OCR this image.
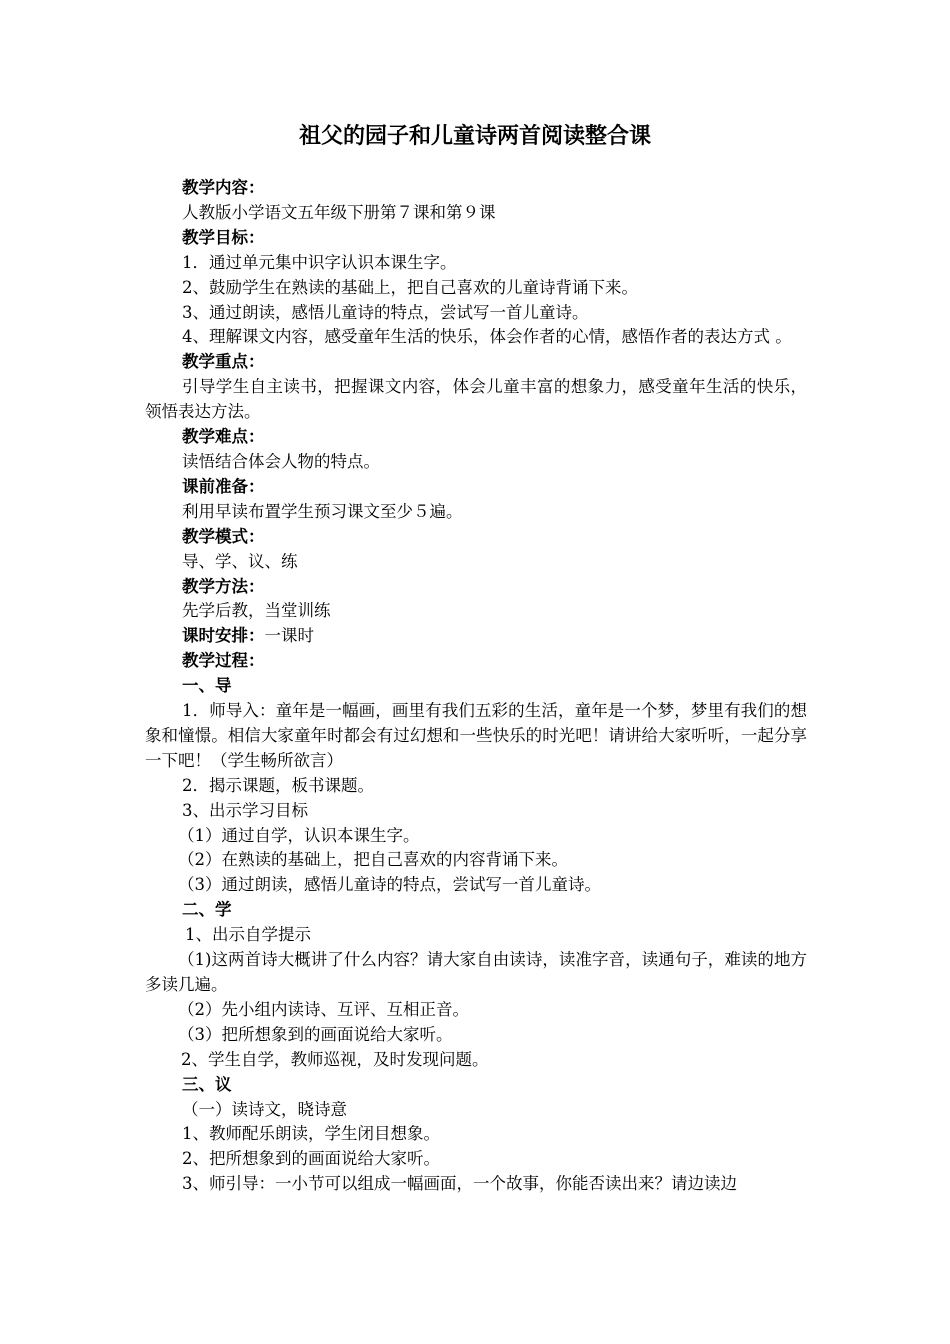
祖父的园子和儿童诗两首阅读整合课

教学内容：

人教版小学语文五年级下册第７课和第９课

教学目标：

1．通过单元集中识字认识本课生字。

2、鼓励学生在熟读的基础上，把自己喜欢的儿童诗背诵下来。

3、通过朗读，感悟儿童诗的特点，尝试写一首儿童诗。

4、理解课文内容，感受童年生活的快乐，体会作者的心情，感悟作者的表达方式 。

教学重点：

引导学生自主读书，把握课文内容，体会儿童丰富的想象力，感受童年生活的快乐，领悟表达方法。

教学难点：

读悟结合体会人物的特点。

课前准备：

利用早读布置学生预习课文至少５遍。

教学模式：

导、学、议、练

教学方法：

先学后教，当堂训练

课时安排：一课时

教学过程：

一、导

1．师导入：童年是一幅画，画里有我们五彩的生活，童年是一个梦，梦里有我们的想象和憧憬。相信大家童年时都会有过幻想和一些快乐的时光吧！请讲给大家听听，一起分享一下吧！（学生畅所欲言）

2．揭示课题，板书课题。

3、出示学习目标

（1）通过自学，认识本课生字。

（2）在熟读的基础上，把自己喜欢的内容背诵下来。

（3）通过朗读，感悟儿童诗的特点，尝试写一首儿童诗。

二、学

1、出示自学提示

（1)这两首诗大概讲了什么内容？请大家自由读诗，读准字音，读通句子，难读的地方多读几遍。

（2）先小组内读诗、互评、互相正音。

（3）把所想象到的画面说给大家听。

2、学生自学，教师巡视，及时发现问题。

三、议

（一）读诗文，晓诗意

1、教师配乐朗读，学生闭目想象。

2、把所想象到的画面说给大家听。

3、师引导：一小节可以组成一幅画面，一个故事，你能否读出来？请边读边
